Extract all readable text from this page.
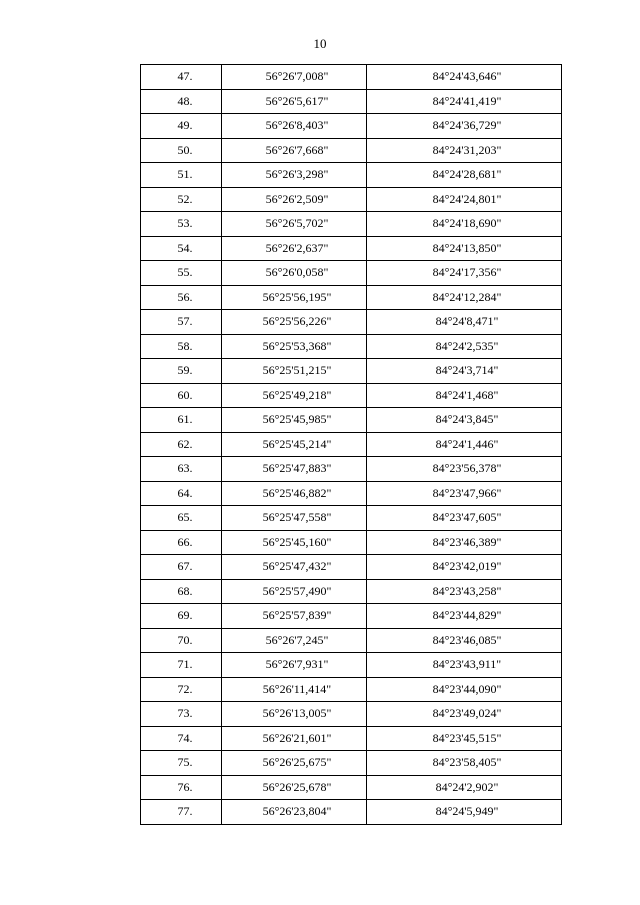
10
47.	56°26'7,008"	84°24'43,646"
48.	56°26'5,617"	84°24'41,419"
49.	56°26'8,403"	84°24'36,729"
50.	56°26'7,668"	84°24'31,203"
51.	56°26'3,298"	84°24'28,681"
52.	56°26'2,509"	84°24'24,801"
53.	56°26'5,702"	84°24'18,690"
54.	56°26'2,637"	84°24'13,850"
55.	56°26'0,058"	84°24'17,356"
56.	56°25'56,195"	84°24'12,284"
57.	56°25'56,226"	84°24'8,471"
58.	56°25'53,368"	84°24'2,535"
59.	56°25'51,215"	84°24'3,714"
60.	56°25'49,218"	84°24'1,468"
61.	56°25'45,985"	84°24'3,845"
62.	56°25'45,214"	84°24'1,446"
63.	56°25'47,883"	84°23'56,378"
64.	56°25'46,882"	84°23'47,966"
65.	56°25'47,558"	84°23'47,605"
66.	56°25'45,160"	84°23'46,389"
67.	56°25'47,432"	84°23'42,019"
68.	56°25'57,490"	84°23'43,258"
69.	56°25'57,839"	84°23'44,829"
70.	56°26'7,245"	84°23'46,085"
71.	56°26'7,931"	84°23'43,911"
72.	56°26'11,414"	84°23'44,090"
73.	56°26'13,005"	84°23'49,024"
74.	56°26'21,601"	84°23'45,515"
75.	56°26'25,675"	84°23'58,405"
76.	56°26'25,678"	84°24'2,902"
77.	56°26'23,804"	84°24'5,949"
